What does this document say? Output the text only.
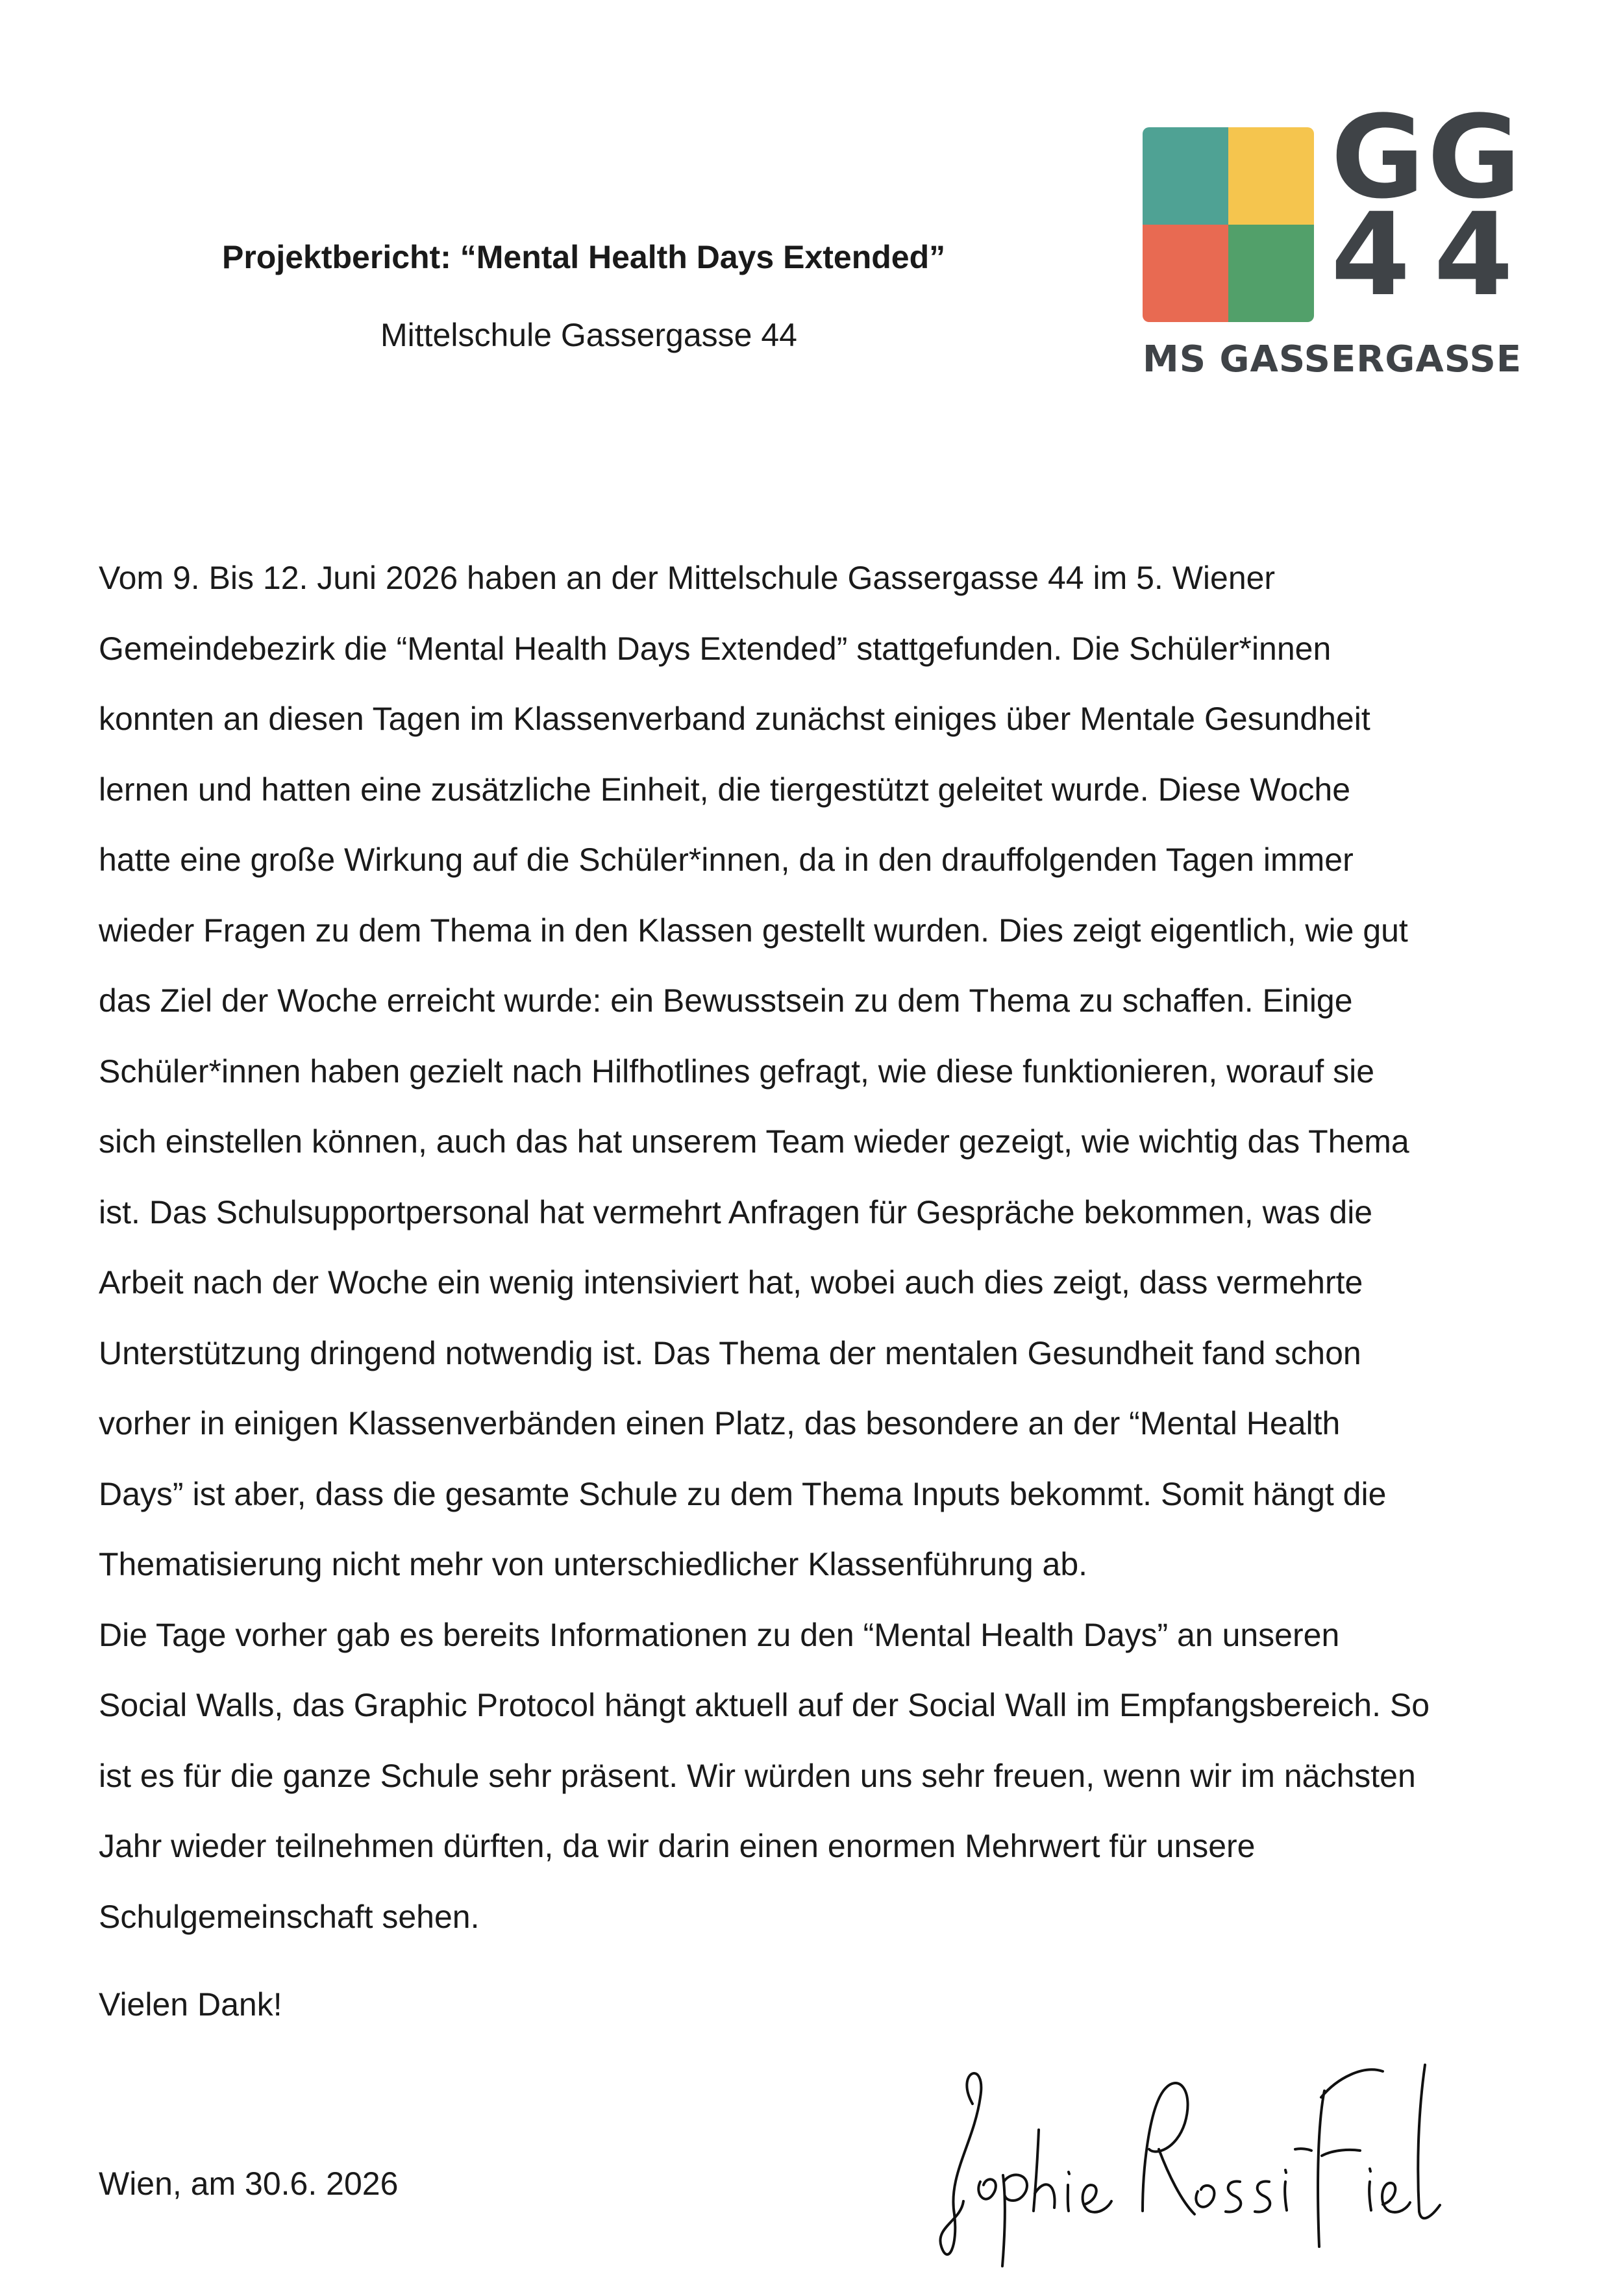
Projektbericht: “Mental Health Days Extended”

Mittelschule Gassergasse 44

GG
44
MS GASSERGASSE

Vom 9. Bis 12. Juni 2026 haben an der Mittelschule Gassergasse 44 im 5. Wiener

Gemeindebezirk die “Mental Health Days Extended” stattgefunden. Die Schüler*innen

konnten an diesen Tagen im Klassenverband zunächst einiges über Mentale Gesundheit

lernen und hatten eine zusätzliche Einheit, die tiergestützt geleitet wurde. Diese Woche

hatte eine große Wirkung auf die Schüler*innen, da in den drauffolgenden Tagen immer

wieder Fragen zu dem Thema in den Klassen gestellt wurden. Dies zeigt eigentlich, wie gut

das Ziel der Woche erreicht wurde: ein Bewusstsein zu dem Thema zu schaffen. Einige

Schüler*innen haben gezielt nach Hilfhotlines gefragt, wie diese funktionieren, worauf sie

sich einstellen können, auch das hat unserem Team wieder gezeigt, wie wichtig das Thema

ist. Das Schulsupportpersonal hat vermehrt Anfragen für Gespräche bekommen, was die

Arbeit nach der Woche ein wenig intensiviert hat, wobei auch dies zeigt, dass vermehrte

Unterstützung dringend notwendig ist. Das Thema der mentalen Gesundheit fand schon

vorher in einigen Klassenverbänden einen Platz, das besondere an der “Mental Health

Days” ist aber, dass die gesamte Schule zu dem Thema Inputs bekommt. Somit hängt die

Thematisierung nicht mehr von unterschiedlicher Klassenführung ab.

Die Tage vorher gab es bereits Informationen zu den “Mental Health Days” an unseren

Social Walls, das Graphic Protocol hängt aktuell auf der Social Wall im Empfangsbereich. So

ist es für die ganze Schule sehr präsent. Wir würden uns sehr freuen, wenn wir im nächsten

Jahr wieder teilnehmen dürften, da wir darin einen enormen Mehrwert für unsere

Schulgemeinschaft sehen.

Vielen Dank!

Wien, am 30.6. 2026
